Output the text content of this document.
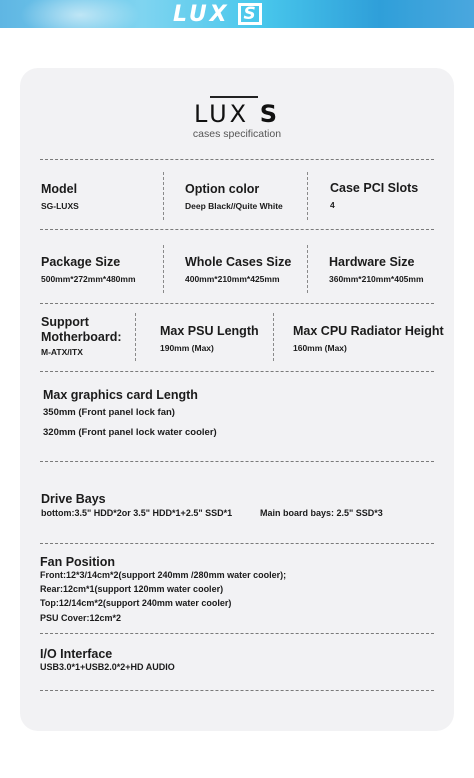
LUX S
LUX S
cases specification
Model
SG-LUXS
Option color
Deep Black//Quite White
Case PCI Slots
4
Package Size
500mm*272mm*480mm
Whole Cases Size
400mm*210mm*425mm
Hardware Size
360mm*210mm*405mm
Support
Motherboard:
M-ATX/ITX
Max PSU Length
190mm (Max)
Max CPU Radiator Height
160mm (Max)
Max graphics card Length
350mm (Front panel lock fan)
320mm (Front panel lock water cooler)
Drive Bays
bottom:3.5" HDD*2or 3.5" HDD*1+2.5" SSD*1	Main board bays: 2.5" SSD*3
Fan Position
Front:12*3/14cm*2(support 240mm /280mm water cooler);
Rear:12cm*1(support 120mm water cooler)
Top:12/14cm*2(support 240mm water cooler)
PSU Cover:12cm*2
I/O Interface
USB3.0*1+USB2.0*2+HD AUDIO
